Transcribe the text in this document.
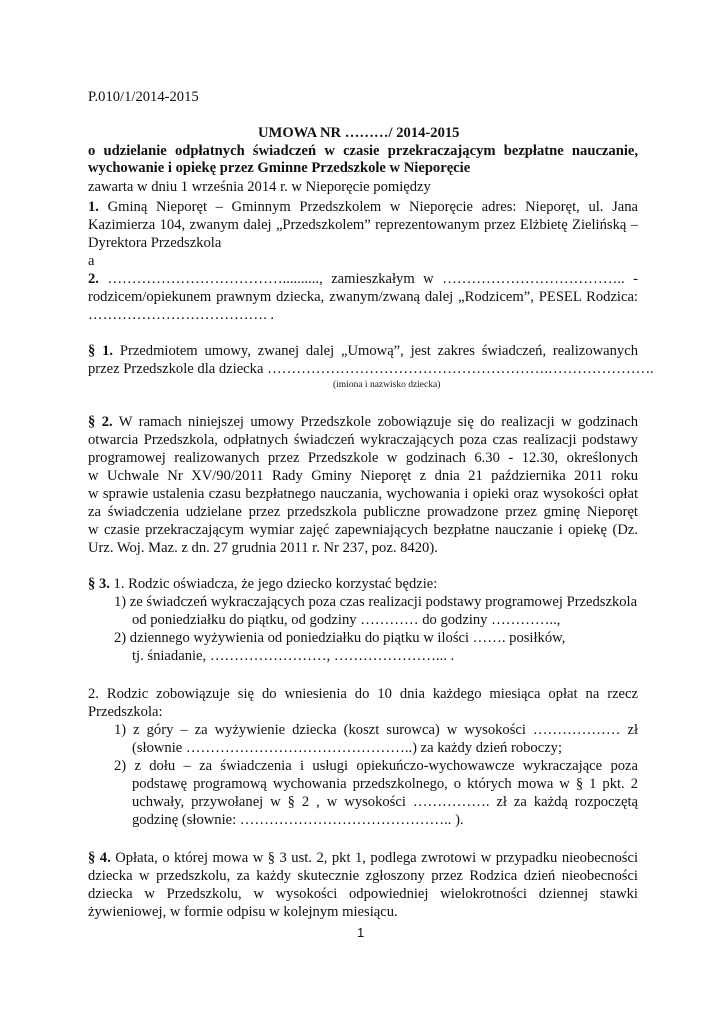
P.010/1/2014-2015
UMOWA NR ………/ 2014-2015
o udzielanie odpłatnych świadczeń w czasie przekraczającym bezpłatne nauczanie,
wychowanie i opiekę przez Gminne Przedszkole w Nieporęcie
zawarta w dniu 1 września 2014 r. w Nieporęcie pomiędzy
1. Gminą Nieporęt – Gminnym Przedszkolem w Nieporęcie adres: Nieporęt, ul. Jana
Kazimierza 104, zwanym dalej „Przedszkolem” reprezentowanym przez Elżbietę Zielińską –
Dyrektora Przedszkola
a
2. ……………………………….........., zamieszkałym w ……………………………….. -
rodzicem/opiekunem prawnym dziecka, zwanym/zwaną dalej „Rodzicem”, PESEL Rodzica:
………………………………. .
§ 1. Przedmiotem umowy, zwanej dalej „Umową”, jest zakres świadczeń, realizowanych
przez Przedszkole dla dziecka ………………………………………………….………………….
(imiona i nazwisko dziecka)
§ 2. W ramach niniejszej umowy Przedszkole zobowiązuje się do realizacji w godzinach
otwarcia Przedszkola, odpłatnych świadczeń wykraczających poza czas realizacji podstawy
programowej realizowanych przez Przedszkole w godzinach 6.30 - 12.30, określonych
w Uchwale Nr XV/90/2011 Rady Gminy Nieporęt z dnia 21 października 2011 roku
w sprawie ustalenia czasu bezpłatnego nauczania, wychowania i opieki oraz wysokości opłat
za świadczenia udzielane przez przedszkola publiczne prowadzone przez gminę Nieporęt
w czasie przekraczającym wymiar zajęć zapewniających bezpłatne nauczanie i opiekę (Dz.
Urz. Woj. Maz. z dn. 27 grudnia 2011 r. Nr 237, poz. 8420).
§ 3. 1. Rodzic oświadcza, że jego dziecko korzystać będzie:
1) ze świadczeń wykraczających poza czas realizacji podstawy programowej Przedszkola
od poniedziałku do piątku, od godziny ………… do godziny …………..,
2) dziennego wyżywienia od poniedziałku do piątku w ilości ……. posiłków,
tj. śniadanie, ……………………, …………………... .
2. Rodzic zobowiązuje się do wniesienia do 10 dnia każdego miesiąca opłat na rzecz
Przedszkola:
1) z góry – za wyżywienie dziecka (koszt surowca) w wysokości ……………… zł
(słownie ………………………………………..) za każdy dzień roboczy;
2) z dołu – za świadczenia i usługi opiekuńczo-wychowawcze wykraczające poza
podstawę programową wychowania przedszkolnego, o których mowa w § 1 pkt. 2
uchwały, przywołanej w § 2 , w wysokości ……………. zł za każdą rozpoczętą
godzinę (słownie: …………………………………….. ).
§ 4. Opłata, o której mowa w § 3 ust. 2, pkt 1, podlega zwrotowi w przypadku nieobecności
dziecka w przedszkolu, za każdy skutecznie zgłoszony przez Rodzica dzień nieobecności
dziecka w Przedszkolu, w wysokości odpowiedniej wielokrotności dziennej stawki
żywieniowej, w formie odpisu w kolejnym miesiącu.
1
